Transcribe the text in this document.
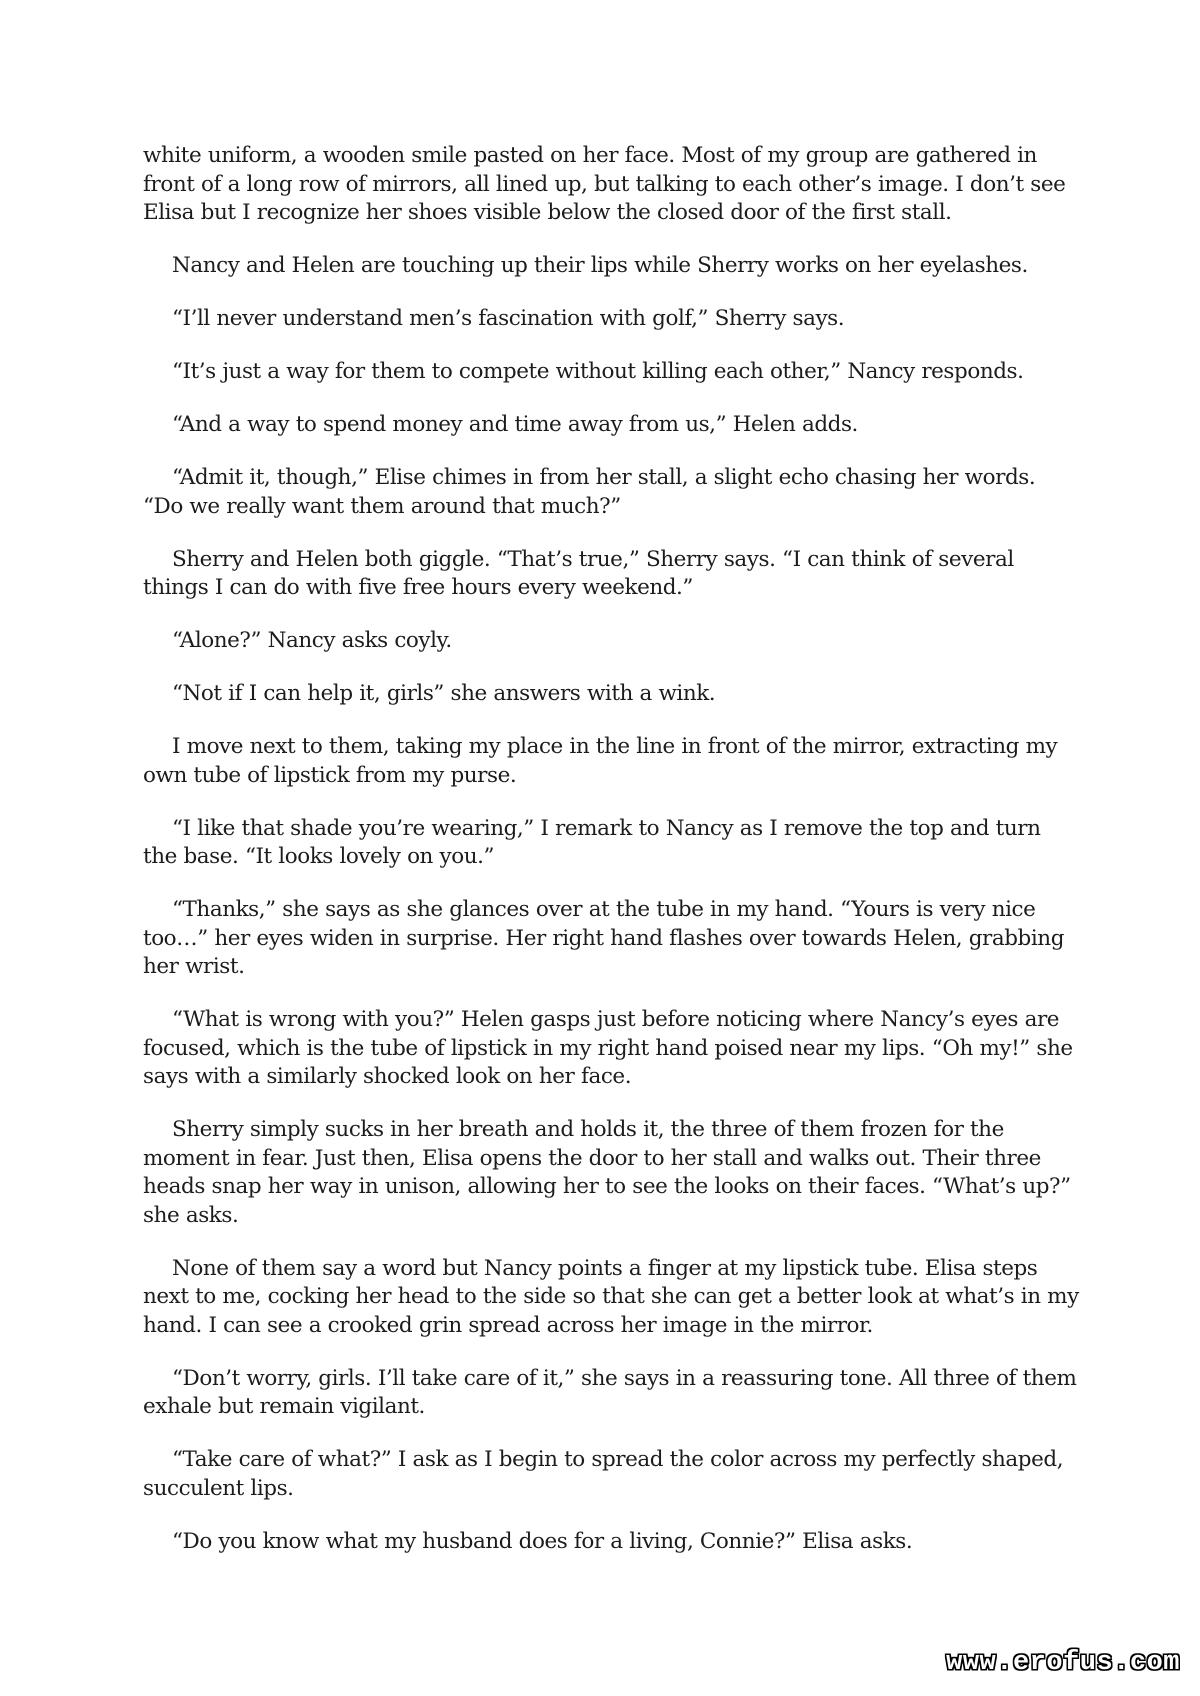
white uniform, a wooden smile pasted on her face. Most of my group are gathered in front of a long row of mirrors, all lined up, but talking to each other’s image. I don’t see Elisa but I recognize her shoes visible below the closed door of the first stall.

Nancy and Helen are touching up their lips while Sherry works on her eyelashes.

“I’ll never understand men’s fascination with golf,” Sherry says.

“It’s just a way for them to compete without killing each other,” Nancy responds.

“And a way to spend money and time away from us,” Helen adds.

“Admit it, though,” Elise chimes in from her stall, a slight echo chasing her words. “Do we really want them around that much?”

Sherry and Helen both giggle. “That’s true,” Sherry says. “I can think of several things I can do with five free hours every weekend.”

“Alone?” Nancy asks coyly.

“Not if I can help it, girls” she answers with a wink.

I move next to them, taking my place in the line in front of the mirror, extracting my own tube of lipstick from my purse.

“I like that shade you’re wearing,” I remark to Nancy as I remove the top and turn the base. “It looks lovely on you.”

“Thanks,” she says as she glances over at the tube in my hand. “Yours is very nice too…” her eyes widen in surprise. Her right hand flashes over towards Helen, grabbing her wrist.

“What is wrong with you?” Helen gasps just before noticing where Nancy’s eyes are focused, which is the tube of lipstick in my right hand poised near my lips. “Oh my!” she says with a similarly shocked look on her face.

Sherry simply sucks in her breath and holds it, the three of them frozen for the moment in fear. Just then, Elisa opens the door to her stall and walks out. Their three heads snap her way in unison, allowing her to see the looks on their faces. “What’s up?” she asks.

None of them say a word but Nancy points a finger at my lipstick tube. Elisa steps next to me, cocking her head to the side so that she can get a better look at what’s in my hand. I can see a crooked grin spread across her image in the mirror.

“Don’t worry, girls. I’ll take care of it,” she says in a reassuring tone. All three of them exhale but remain vigilant.

“Take care of what?” I ask as I begin to spread the color across my perfectly shaped, succulent lips.

“Do you know what my husband does for a living, Connie?” Elisa asks.

www.erofus.com
